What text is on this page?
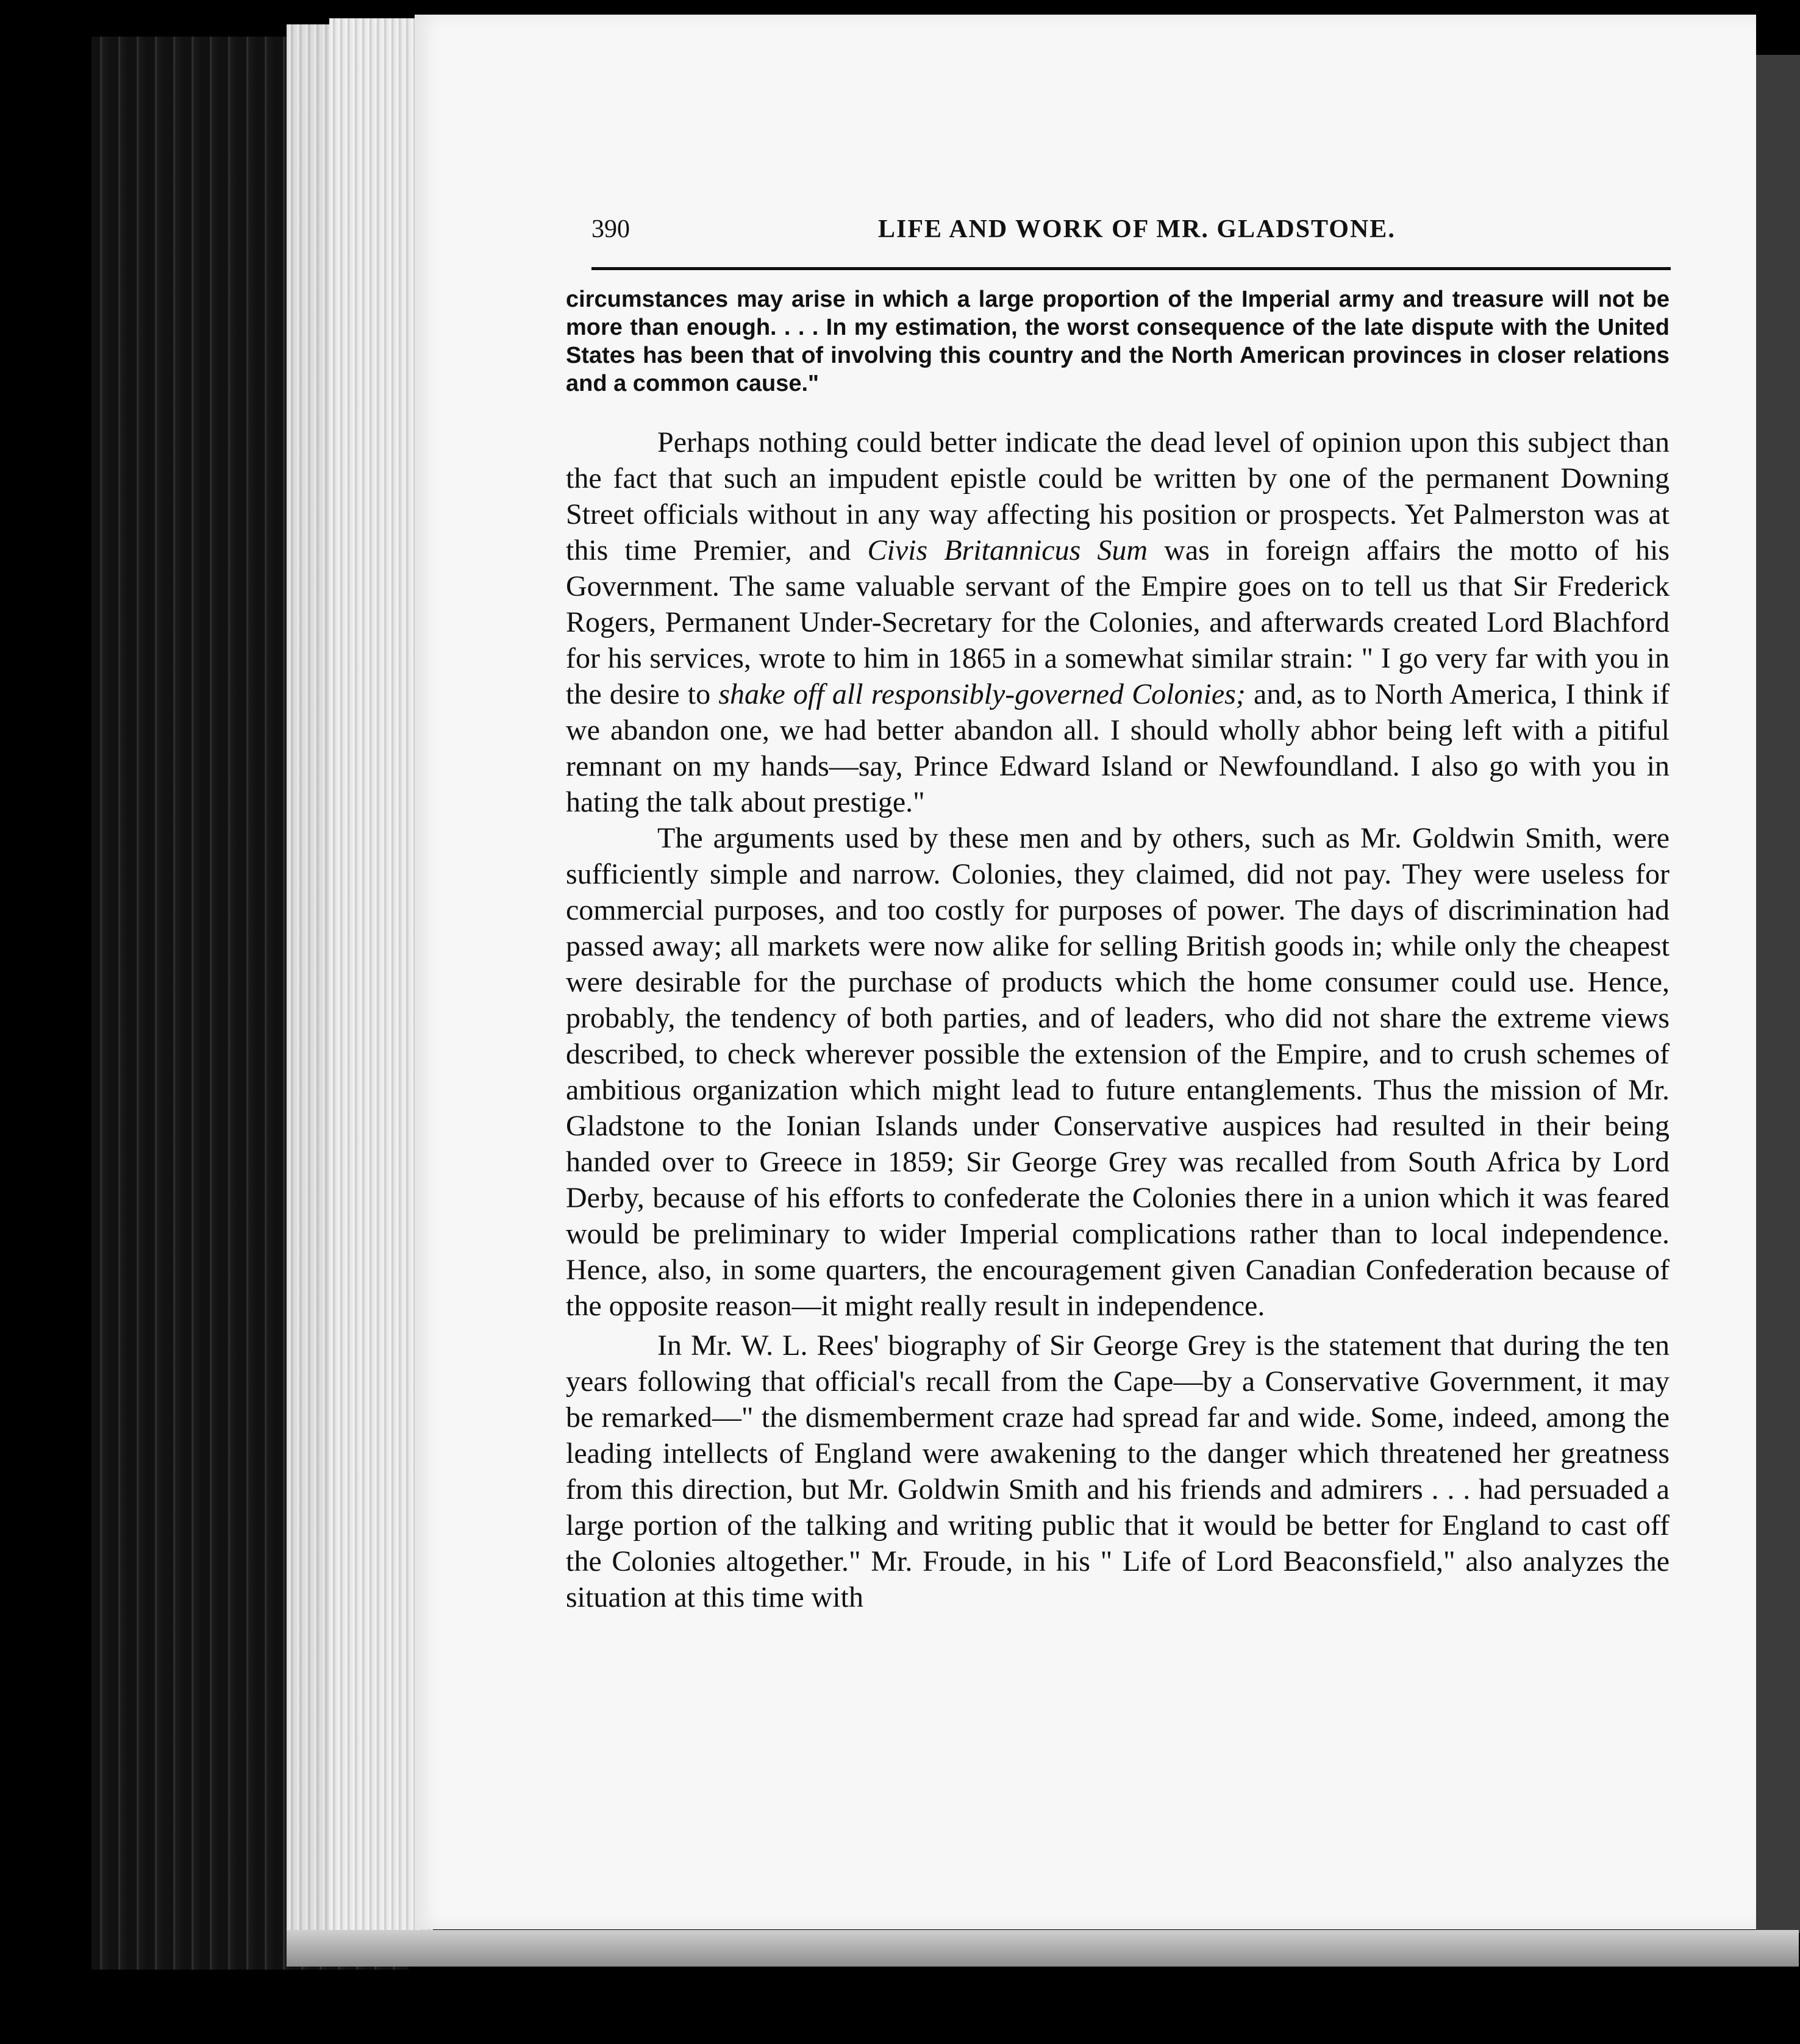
390	LIFE AND WORK OF MR. GLADSTONE.

circumstances may arise in which a large proportion of the Imperial army and treasure will not be more than enough. . . . In my estimation, the worst consequence of the late dispute with the United States has been that of involving this country and the North American provinces in closer relations and a common cause."

Perhaps nothing could better indicate the dead level of opinion upon this subject than the fact that such an impudent epistle could be written by one of the permanent Downing Street officials without in any way affecting his position or prospects. Yet Palmerston was at this time Premier, and Civis Britannicus Sum was in foreign affairs the motto of his Government. The same valuable servant of the Empire goes on to tell us that Sir Frederick Rogers, Permanent Under-Secretary for the Colonies, and afterwards created Lord Blachford for his services, wrote to him in 1865 in a somewhat similar strain: " I go very far with you in the desire to shake off all responsibly-governed Colonies; and, as to North America, I think if we abandon one, we had better abandon all. I should wholly abhor being left with a pitiful remnant on my hands—say, Prince Edward Island or Newfoundland. I also go with you in hating the talk about prestige."

The arguments used by these men and by others, such as Mr. Goldwin Smith, were sufficiently simple and narrow. Colonies, they claimed, did not pay. They were useless for commercial purposes, and too costly for purposes of power. The days of discrimination had passed away; all markets were now alike for selling British goods in; while only the cheapest were desirable for the purchase of products which the home consumer could use. Hence, probably, the tendency of both parties, and of leaders, who did not share the extreme views described, to check wherever possible the extension of the Empire, and to crush schemes of ambitious organization which might lead to future entanglements. Thus the mission of Mr. Gladstone to the Ionian Islands under Conservative auspices had resulted in their being handed over to Greece in 1859; Sir George Grey was recalled from South Africa by Lord Derby, because of his efforts to confederate the Colonies there in a union which it was feared would be preliminary to wider Imperial complications rather than to local independence. Hence, also, in some quarters, the encouragement given Canadian Confederation because of the opposite reason—it might really result in independence.

In Mr. W. L. Rees' biography of Sir George Grey is the statement that during the ten years following that official's recall from the Cape—by a Conservative Government, it may be remarked—" the dismemberment craze had spread far and wide. Some, indeed, among the leading intellects of England were awakening to the danger which threatened her greatness from this direction, but Mr. Goldwin Smith and his friends and admirers . . . had persuaded a large portion of the talking and writing public that it would be better for England to cast off the Colonies altogether." Mr. Froude, in his " Life of Lord Beaconsfield," also analyzes the situation at this time with
